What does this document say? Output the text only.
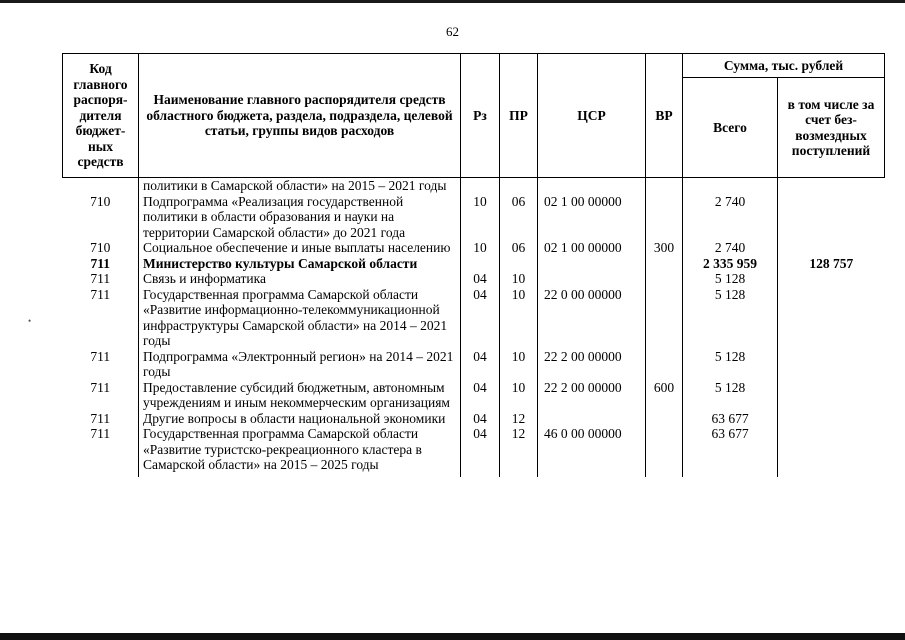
62
•
Код главного распоря-дителя бюджет-ных средств	Наименование главного распорядителя средств областного бюджета, раздела, подраздела, целевой статьи, группы видов расходов	Рз	ПР	ЦСР	ВР	Сумма, тыс. рублей	
						Всего	в том числе за счет без-возмездных поступлений
	политики в Самарской области» на 2015 – 2021 годы						
710	Подпрограмма «Реализация государственной политики в области образования и науки на территории Самарской области» до 2021 года	10	06	02 1 00 00000		2 740	
710	Социальное обеспечение и иные выплаты населению	10	06	02 1 00 00000	300	2 740	
711	Министерство культуры Самарской области					2 335 959	128 757
711	Связь и информатика	04	10			5 128	
711	Государственная программа Самарской области «Развитие информационно-телекоммуникационной инфраструктуры Самарской области» на 2014 – 2021 годы	04	10	22 0 00 00000		5 128	
711	Подпрограмма «Электронный регион» на 2014 – 2021 годы	04	10	22 2 00 00000		5 128	
711	Предоставление субсидий бюджетным, автономным учреждениям и иным некоммерческим организациям	04	10	22 2 00 00000	600	5 128	
711	Другие вопросы в области национальной экономики	04	12			63 677	
711	Государственная программа Самарской области «Развитие туристско-рекреационного кластера в Самарской области» на 2015 – 2025 годы	04	12	46 0 00 00000		63 677	
